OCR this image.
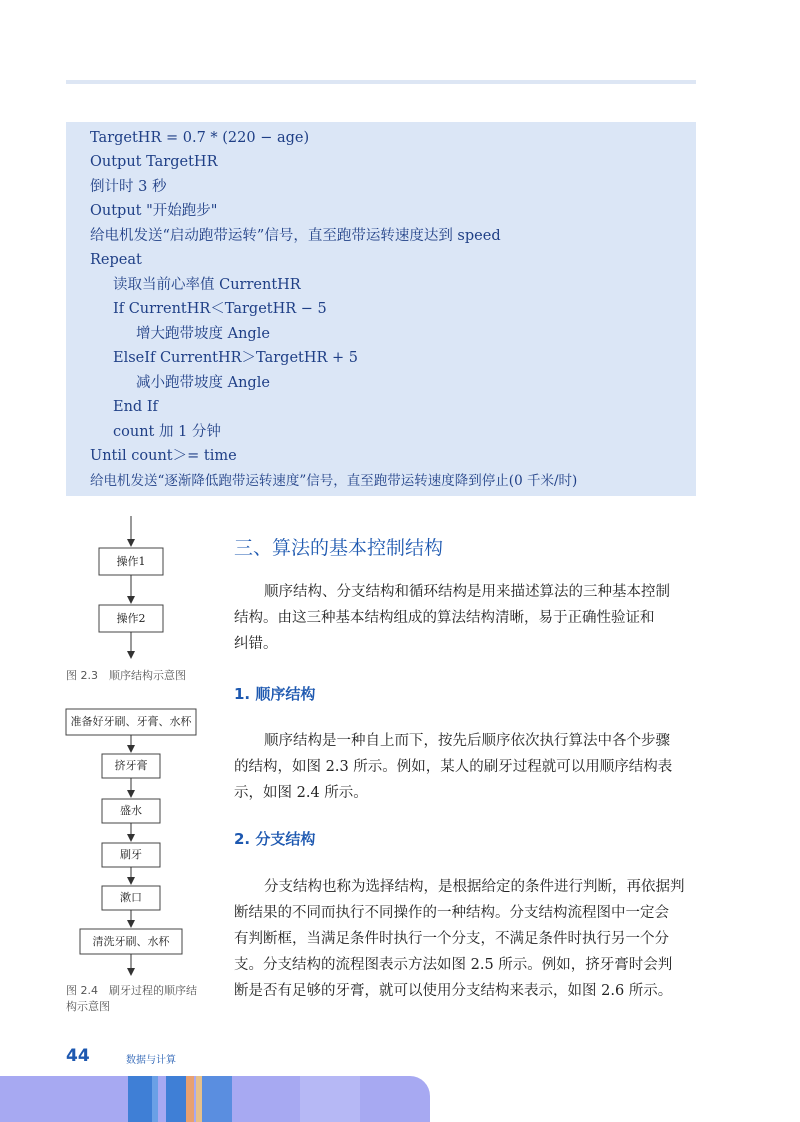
TargetHR = 0.7 * (220 − age)
Output TargetHR
倒计时 3 秒
Output "开始跑步"
给电机发送“启动跑带运转”信号，直至跑带运转速度达到 speed
Repeat
读取当前心率值 CurrentHR
If CurrentHR＜TargetHR − 5
增大跑带坡度 Angle
ElseIf CurrentHR＞TargetHR + 5
减小跑带坡度 Angle
End If
count 加 1 分钟
Until count＞= time
给电机发送“逐渐降低跑带运转速度”信号，直至跑带运转速度降到停止(0 千米/时)
操作1
操作2
图 2.3　顺序结构示意图
准备好牙刷、牙膏、水杯
挤牙膏
盛水
刷牙
漱口
清洗牙刷、水杯
图 2.4　刷牙过程的顺序结
构示意图
三、算法的基本控制结构
顺序结构、分支结构和循环结构是用来描述算法的三种基本控制
结构。由这三种基本结构组成的算法结构清晰，易于正确性验证和
纠错。
1. 顺序结构
顺序结构是一种自上而下，按先后顺序依次执行算法中各个步骤
的结构，如图 2.3 所示。例如，某人的刷牙过程就可以用顺序结构表
示，如图 2.4 所示。
2. 分支结构
分支结构也称为选择结构，是根据给定的条件进行判断，再依据判
断结果的不同而执行不同操作的一种结构。分支结构流程图中一定会
有判断框，当满足条件时执行一个分支，不满足条件时执行另一个分
支。分支结构的流程图表示方法如图 2.5 所示。例如，挤牙膏时会判
断是否有足够的牙膏，就可以使用分支结构来表示，如图 2.6 所示。
44	数据与计算
